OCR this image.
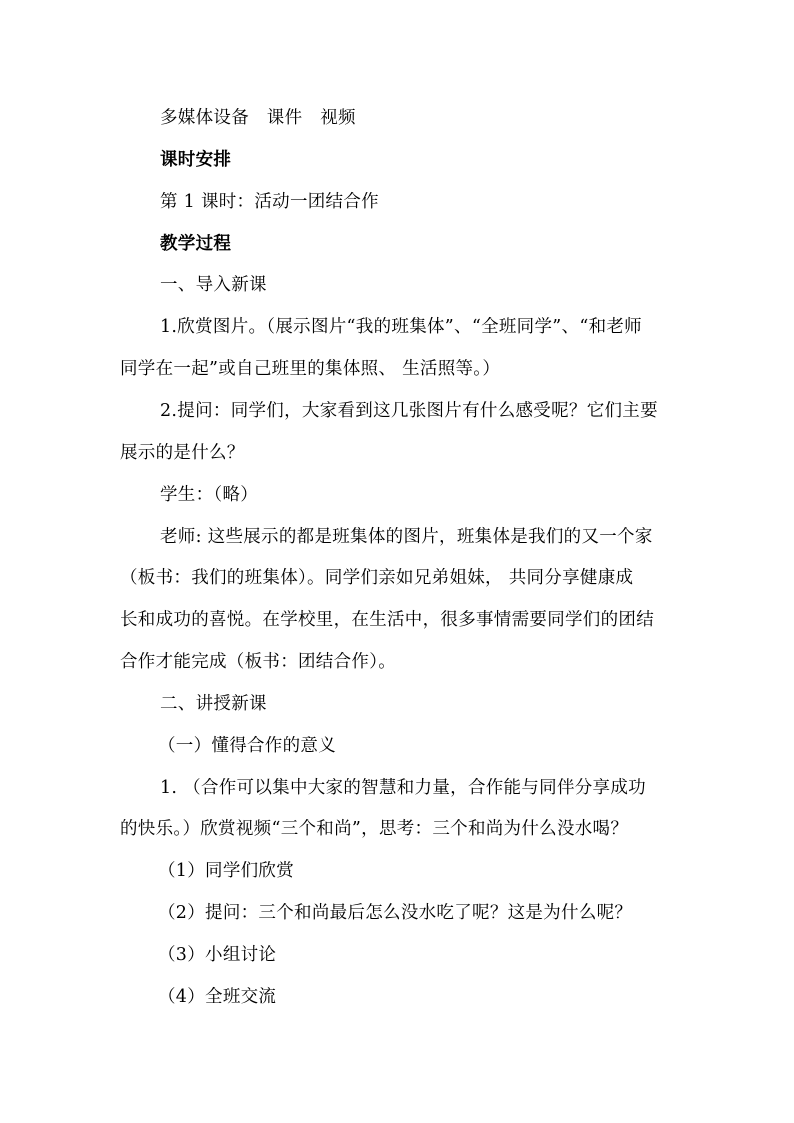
多媒体设备　课件　视频
课时安排
第 1 课时：活动一团结合作
教学过程
一、导入新课
1.欣赏图片。（展示图片“我的班集体”、“全班同学”、“和老师
同学在一起”或自己班里的集体照、 生活照等。）
2.提问：同学们，大家看到这几张图片有什么感受呢？它们主要
展示的是什么？
学生：（略）
老师: 这些展示的都是班集体的图片，班集体是我们的又一个家
（板书：我们的班集体）。同学们亲如兄弟姐妹， 共同分享健康成
长和成功的喜悦。在学校里，在生活中，很多事情需要同学们的团结
合作才能完成（板书：团结合作）。
二、讲授新课
（一）懂得合作的意义
1. （合作可以集中大家的智慧和力量，合作能与同伴分享成功
的快乐。）欣赏视频“三个和尚”，思考：三个和尚为什么没水喝？
（1）同学们欣赏
（2）提问：三个和尚最后怎么没水吃了呢？这是为什么呢？
（3）小组讨论
（4）全班交流
